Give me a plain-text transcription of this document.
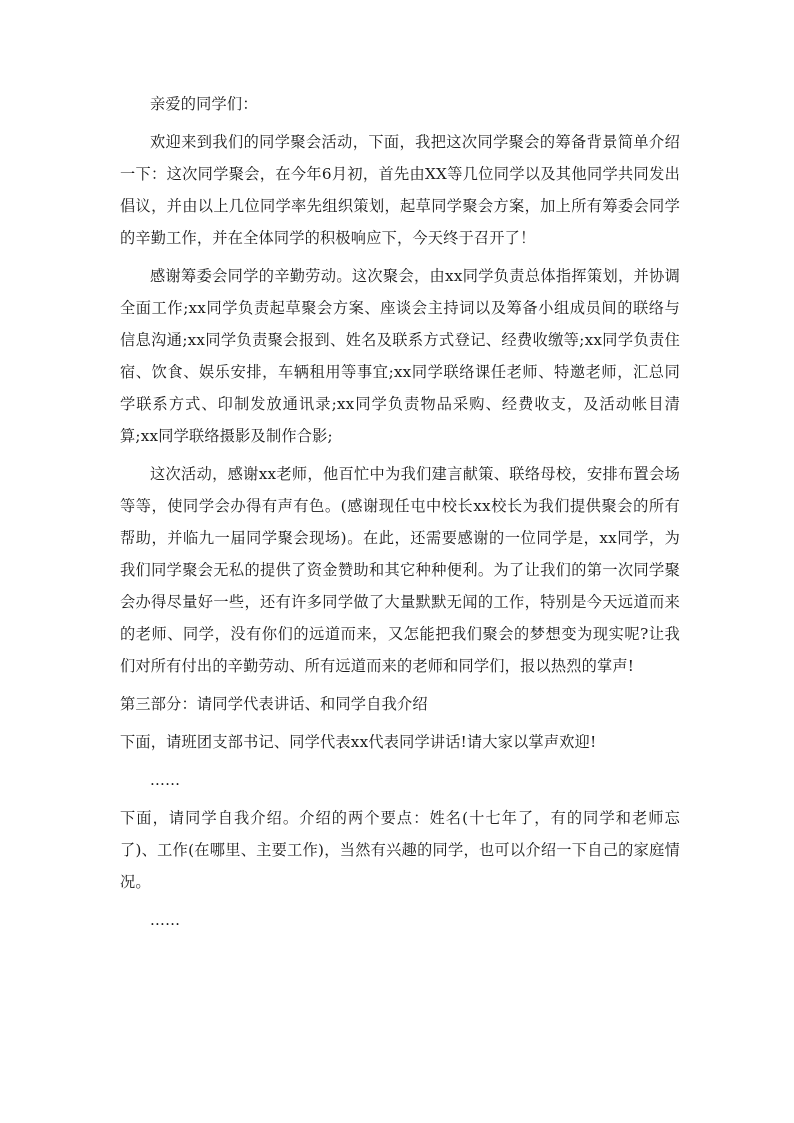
亲爱的同学们：

欢迎来到我们的同学聚会活动，下面，我把这次同学聚会的筹备背景简单介绍一下：这次同学聚会，在今年6月初，首先由XX等几位同学以及其他同学共同发出倡议，并由以上几位同学率先组织策划，起草同学聚会方案，加上所有筹委会同学的辛勤工作，并在全体同学的积极响应下，今天终于召开了！

感谢筹委会同学的辛勤劳动。这次聚会，由xx同学负责总体指挥策划，并协调全面工作;xx同学负责起草聚会方案、座谈会主持词以及筹备小组成员间的联络与信息沟通;xx同学负责聚会报到、姓名及联系方式登记、经费收缴等;xx同学负责住宿、饮食、娱乐安排，车辆租用等事宜;xx同学联络课任老师、特邀老师，汇总同学联系方式、印制发放通讯录;xx同学负责物品采购、经费收支，及活动帐目清算;xx同学联络摄影及制作合影;

这次活动，感谢xx老师，他百忙中为我们建言献策、联络母校，安排布置会场等等，使同学会办得有声有色。(感谢现任屯中校长xx校长为我们提供聚会的所有帮助，并临九一届同学聚会现场)。在此，还需要感谢的一位同学是，xx同学，为我们同学聚会无私的提供了资金赞助和其它种种便利。为了让我们的第一次同学聚会办得尽量好一些，还有许多同学做了大量默默无闻的工作，特别是今天远道而来的老师、同学，没有你们的远道而来，又怎能把我们聚会的梦想变为现实呢?让我们对所有付出的辛勤劳动、所有远道而来的老师和同学们，报以热烈的掌声!

第三部分：请同学代表讲话、和同学自我介绍

下面，请班团支部书记、同学代表xx代表同学讲话!请大家以掌声欢迎!

......

下面，请同学自我介绍。介绍的两个要点：姓名(十七年了，有的同学和老师忘了)、工作(在哪里、主要工作)，当然有兴趣的同学，也可以介绍一下自己的家庭情况。

......
